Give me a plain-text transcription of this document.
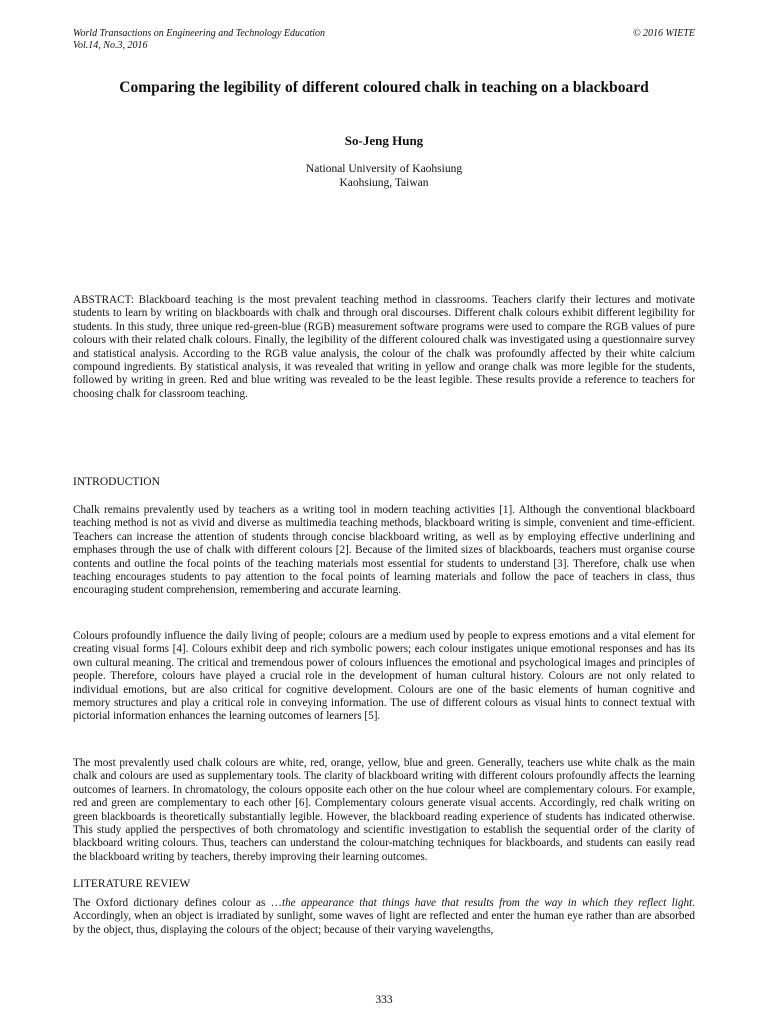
World Transactions on Engineering and Technology Education
Vol.14, No.3, 2016
© 2016 WIETE
Comparing the legibility of different coloured chalk in teaching on a blackboard
So-Jeng Hung
National University of Kaohsiung
Kaohsiung, Taiwan

ABSTRACT: Blackboard teaching is the most prevalent teaching method in classrooms. Teachers clarify their lectures and motivate students to learn by writing on blackboards with chalk and through oral discourses. Different chalk colours exhibit different legibility for students. In this study, three unique red-green-blue (RGB) measurement software programs were used to compare the RGB values of pure colours with their related chalk colours. Finally, the legibility of the different coloured chalk was investigated using a questionnaire survey and statistical analysis. According to the RGB value analysis, the colour of the chalk was profoundly affected by their white calcium compound ingredients. By statistical analysis, it was revealed that writing in yellow and orange chalk was more legible for the students, followed by writing in green. Red and blue writing was revealed to be the least legible. These results provide a reference to teachers for choosing chalk for classroom teaching.

INTRODUCTION

Chalk remains prevalently used by teachers as a writing tool in modern teaching activities [1]. Although the conventional blackboard teaching method is not as vivid and diverse as multimedia teaching methods, blackboard writing is simple, convenient and time-efficient. Teachers can increase the attention of students through concise blackboard writing, as well as by employing effective underlining and emphases through the use of chalk with different colours [2]. Because of the limited sizes of blackboards, teachers must organise course contents and outline the focal points of the teaching materials most essential for students to understand [3]. Therefore, chalk use when teaching encourages students to pay attention to the focal points of learning materials and follow the pace of teachers in class, thus encouraging student comprehension, remembering and accurate learning.

Colours profoundly influence the daily living of people; colours are a medium used by people to express emotions and a vital element for creating visual forms [4]. Colours exhibit deep and rich symbolic powers; each colour instigates unique emotional responses and has its own cultural meaning. The critical and tremendous power of colours influences the emotional and psychological images and principles of people. Therefore, colours have played a crucial role in the development of human cultural history. Colours are not only related to individual emotions, but are also critical for cognitive development. Colours are one of the basic elements of human cognitive and memory structures and play a critical role in conveying information. The use of different colours as visual hints to connect textual with pictorial information enhances the learning outcomes of learners [5].

The most prevalently used chalk colours are white, red, orange, yellow, blue and green. Generally, teachers use white chalk as the main chalk and colours are used as supplementary tools. The clarity of blackboard writing with different colours profoundly affects the learning outcomes of learners. In chromatology, the colours opposite each other on the hue colour wheel are complementary colours. For example, red and green are complementary to each other [6]. Complementary colours generate visual accents. Accordingly, red chalk writing on green blackboards is theoretically substantially legible. However, the blackboard reading experience of students has indicated otherwise. This study applied the perspectives of both chromatology and scientific investigation to establish the sequential order of the clarity of blackboard writing colours. Thus, teachers can understand the colour-matching techniques for blackboards, and students can easily read the blackboard writing by teachers, thereby improving their learning outcomes.

LITERATURE REVIEW

The Oxford dictionary defines colour as …the appearance that things have that results from the way in which they reflect light. Accordingly, when an object is irradiated by sunlight, some waves of light are reflected and enter the human eye rather than are absorbed by the object, thus, displaying the colours of the object; because of their varying wavelengths,

333
